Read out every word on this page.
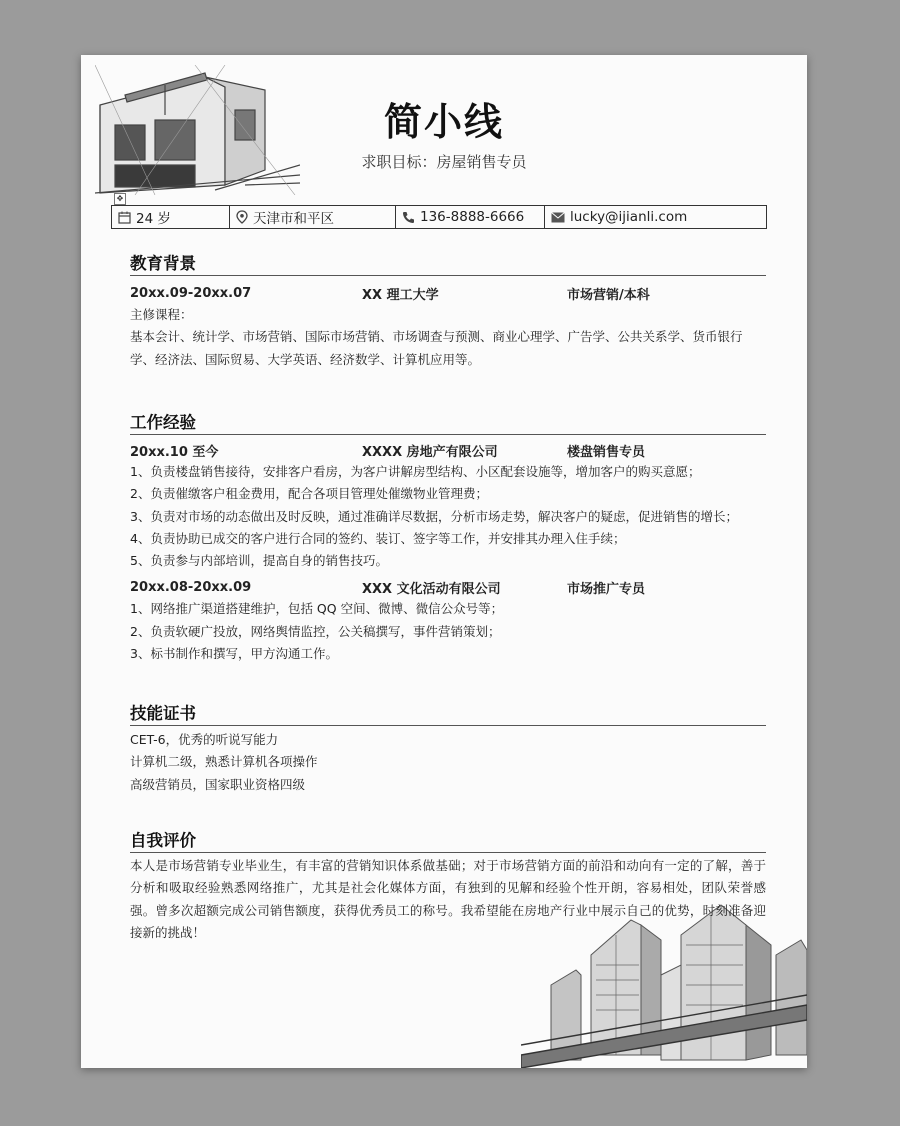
✥
简小线
求职目标：房屋销售专员
24 岁	天津市和平区	136-8888-6666	lucky@ijianli.com
教育背景
20xx.09-20xx.07	XX 理工大学	市场营销/本科
主修课程：
基本会计、统计学、市场营销、国际市场营销、市场调查与预测、商业心理学、广告学、公共关系学、货币银行
学、经济法、国际贸易、大学英语、经济数学、计算机应用等。
工作经验
20xx.10 至今	XXXX 房地产有限公司	楼盘销售专员
1、负责楼盘销售接待，安排客户看房，为客户讲解房型结构、小区配套设施等，增加客户的购买意愿；
2、负责催缴客户租金费用，配合各项目管理处催缴物业管理费；
3、负责对市场的动态做出及时反映，通过准确详尽数据，分析市场走势，解决客户的疑虑，促进销售的增长；
4、负责协助已成交的客户进行合同的签约、装订、签字等工作，并安排其办理入住手续；
5、负责参与内部培训，提高自身的销售技巧。
20xx.08-20xx.09	XXX 文化活动有限公司	市场推广专员
1、网络推广渠道搭建维护，包括 QQ 空间、微博、微信公众号等；
2、负责软硬广投放，网络舆情监控，公关稿撰写，事件营销策划；
3、标书制作和撰写，甲方沟通工作。
技能证书
CET-6，优秀的听说写能力
计算机二级，熟悉计算机各项操作
高级营销员，国家职业资格四级
自我评价
本人是市场营销专业毕业生，有丰富的营销知识体系做基础；对于市场营销方面的前沿和动向有一定的了解，善于分析和吸取经验熟悉网络推广，尤其是社会化媒体方面，有独到的见解和经验个性开朗，容易相处，团队荣誉感强。曾多次超额完成公司销售额度，获得优秀员工的称号。我希望能在房地产行业中展示自己的优势，时刻准备迎接新的挑战！
